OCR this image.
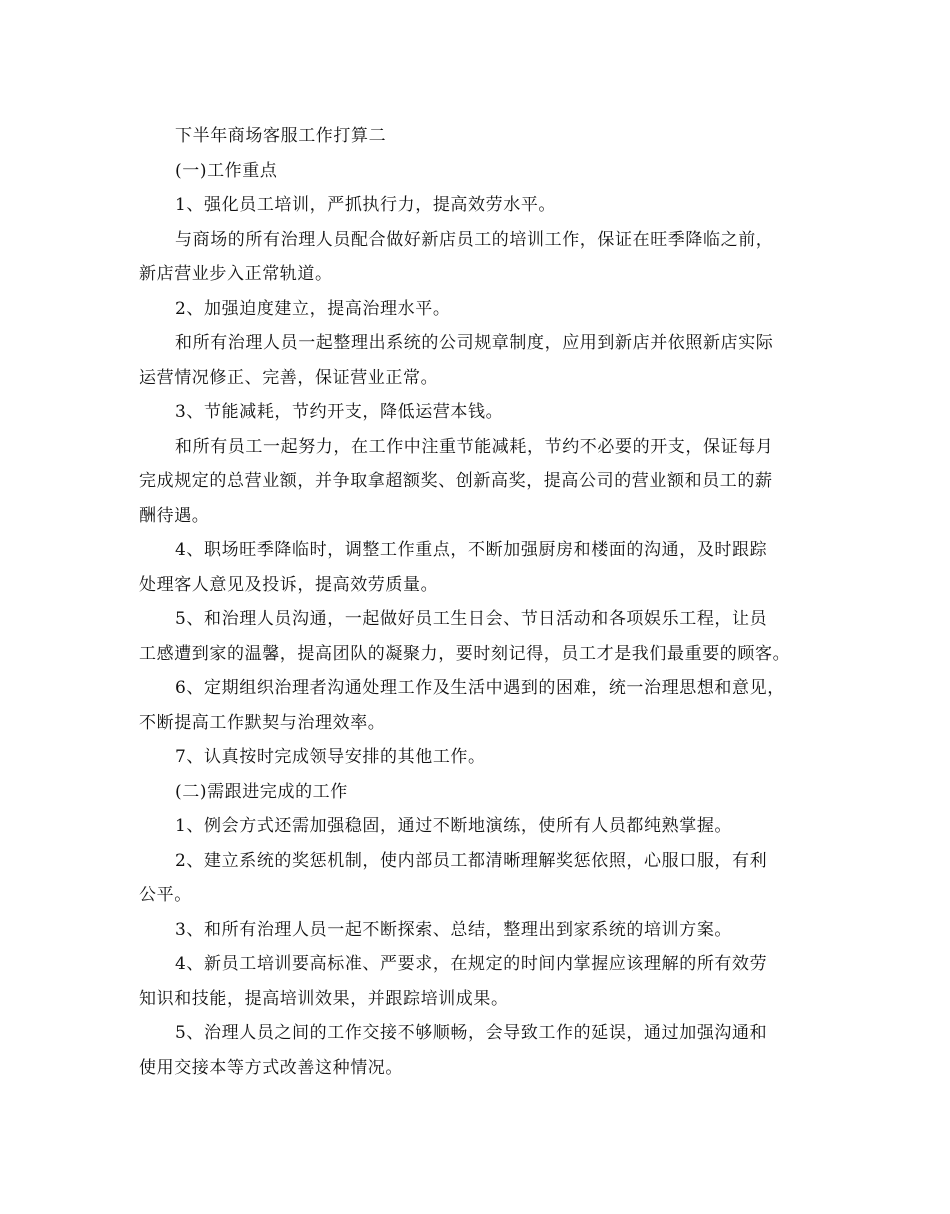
下半年商场客服工作打算二

(一)工作重点

1、强化员工培训，严抓执行力，提高效劳水平。

与商场的所有治理人员配合做好新店员工的培训工作，保证在旺季降临之前，
新店营业步入正常轨道。

2、加强迫度建立，提高治理水平。

和所有治理人员一起整理出系统的公司规章制度，应用到新店并依照新店实际
运营情况修正、完善，保证营业正常。

3、节能减耗，节约开支，降低运营本钱。

和所有员工一起努力，在工作中注重节能减耗，节约不必要的开支，保证每月
完成规定的总营业额，并争取拿超额奖、创新高奖，提高公司的营业额和员工的薪
酬待遇。

4、职场旺季降临时，调整工作重点，不断加强厨房和楼面的沟通，及时跟踪
处理客人意见及投诉，提高效劳质量。

5、和治理人员沟通，一起做好员工生日会、节日活动和各项娱乐工程，让员
工感遭到家的温馨，提高团队的凝聚力，要时刻记得，员工才是我们最重要的顾客。

6、定期组织治理者沟通处理工作及生活中遇到的困难，统一治理思想和意见，
不断提高工作默契与治理效率。

7、认真按时完成领导安排的其他工作。

(二)需跟进完成的工作

1、例会方式还需加强稳固，通过不断地演练，使所有人员都纯熟掌握。

2、建立系统的奖惩机制，使内部员工都清晰理解奖惩依照，心服口服，有利
公平。

3、和所有治理人员一起不断探索、总结，整理出到家系统的培训方案。

4、新员工培训要高标准、严要求，在规定的时间内掌握应该理解的所有效劳
知识和技能，提高培训效果，并跟踪培训成果。

5、治理人员之间的工作交接不够顺畅，会导致工作的延误，通过加强沟通和
使用交接本等方式改善这种情况。
